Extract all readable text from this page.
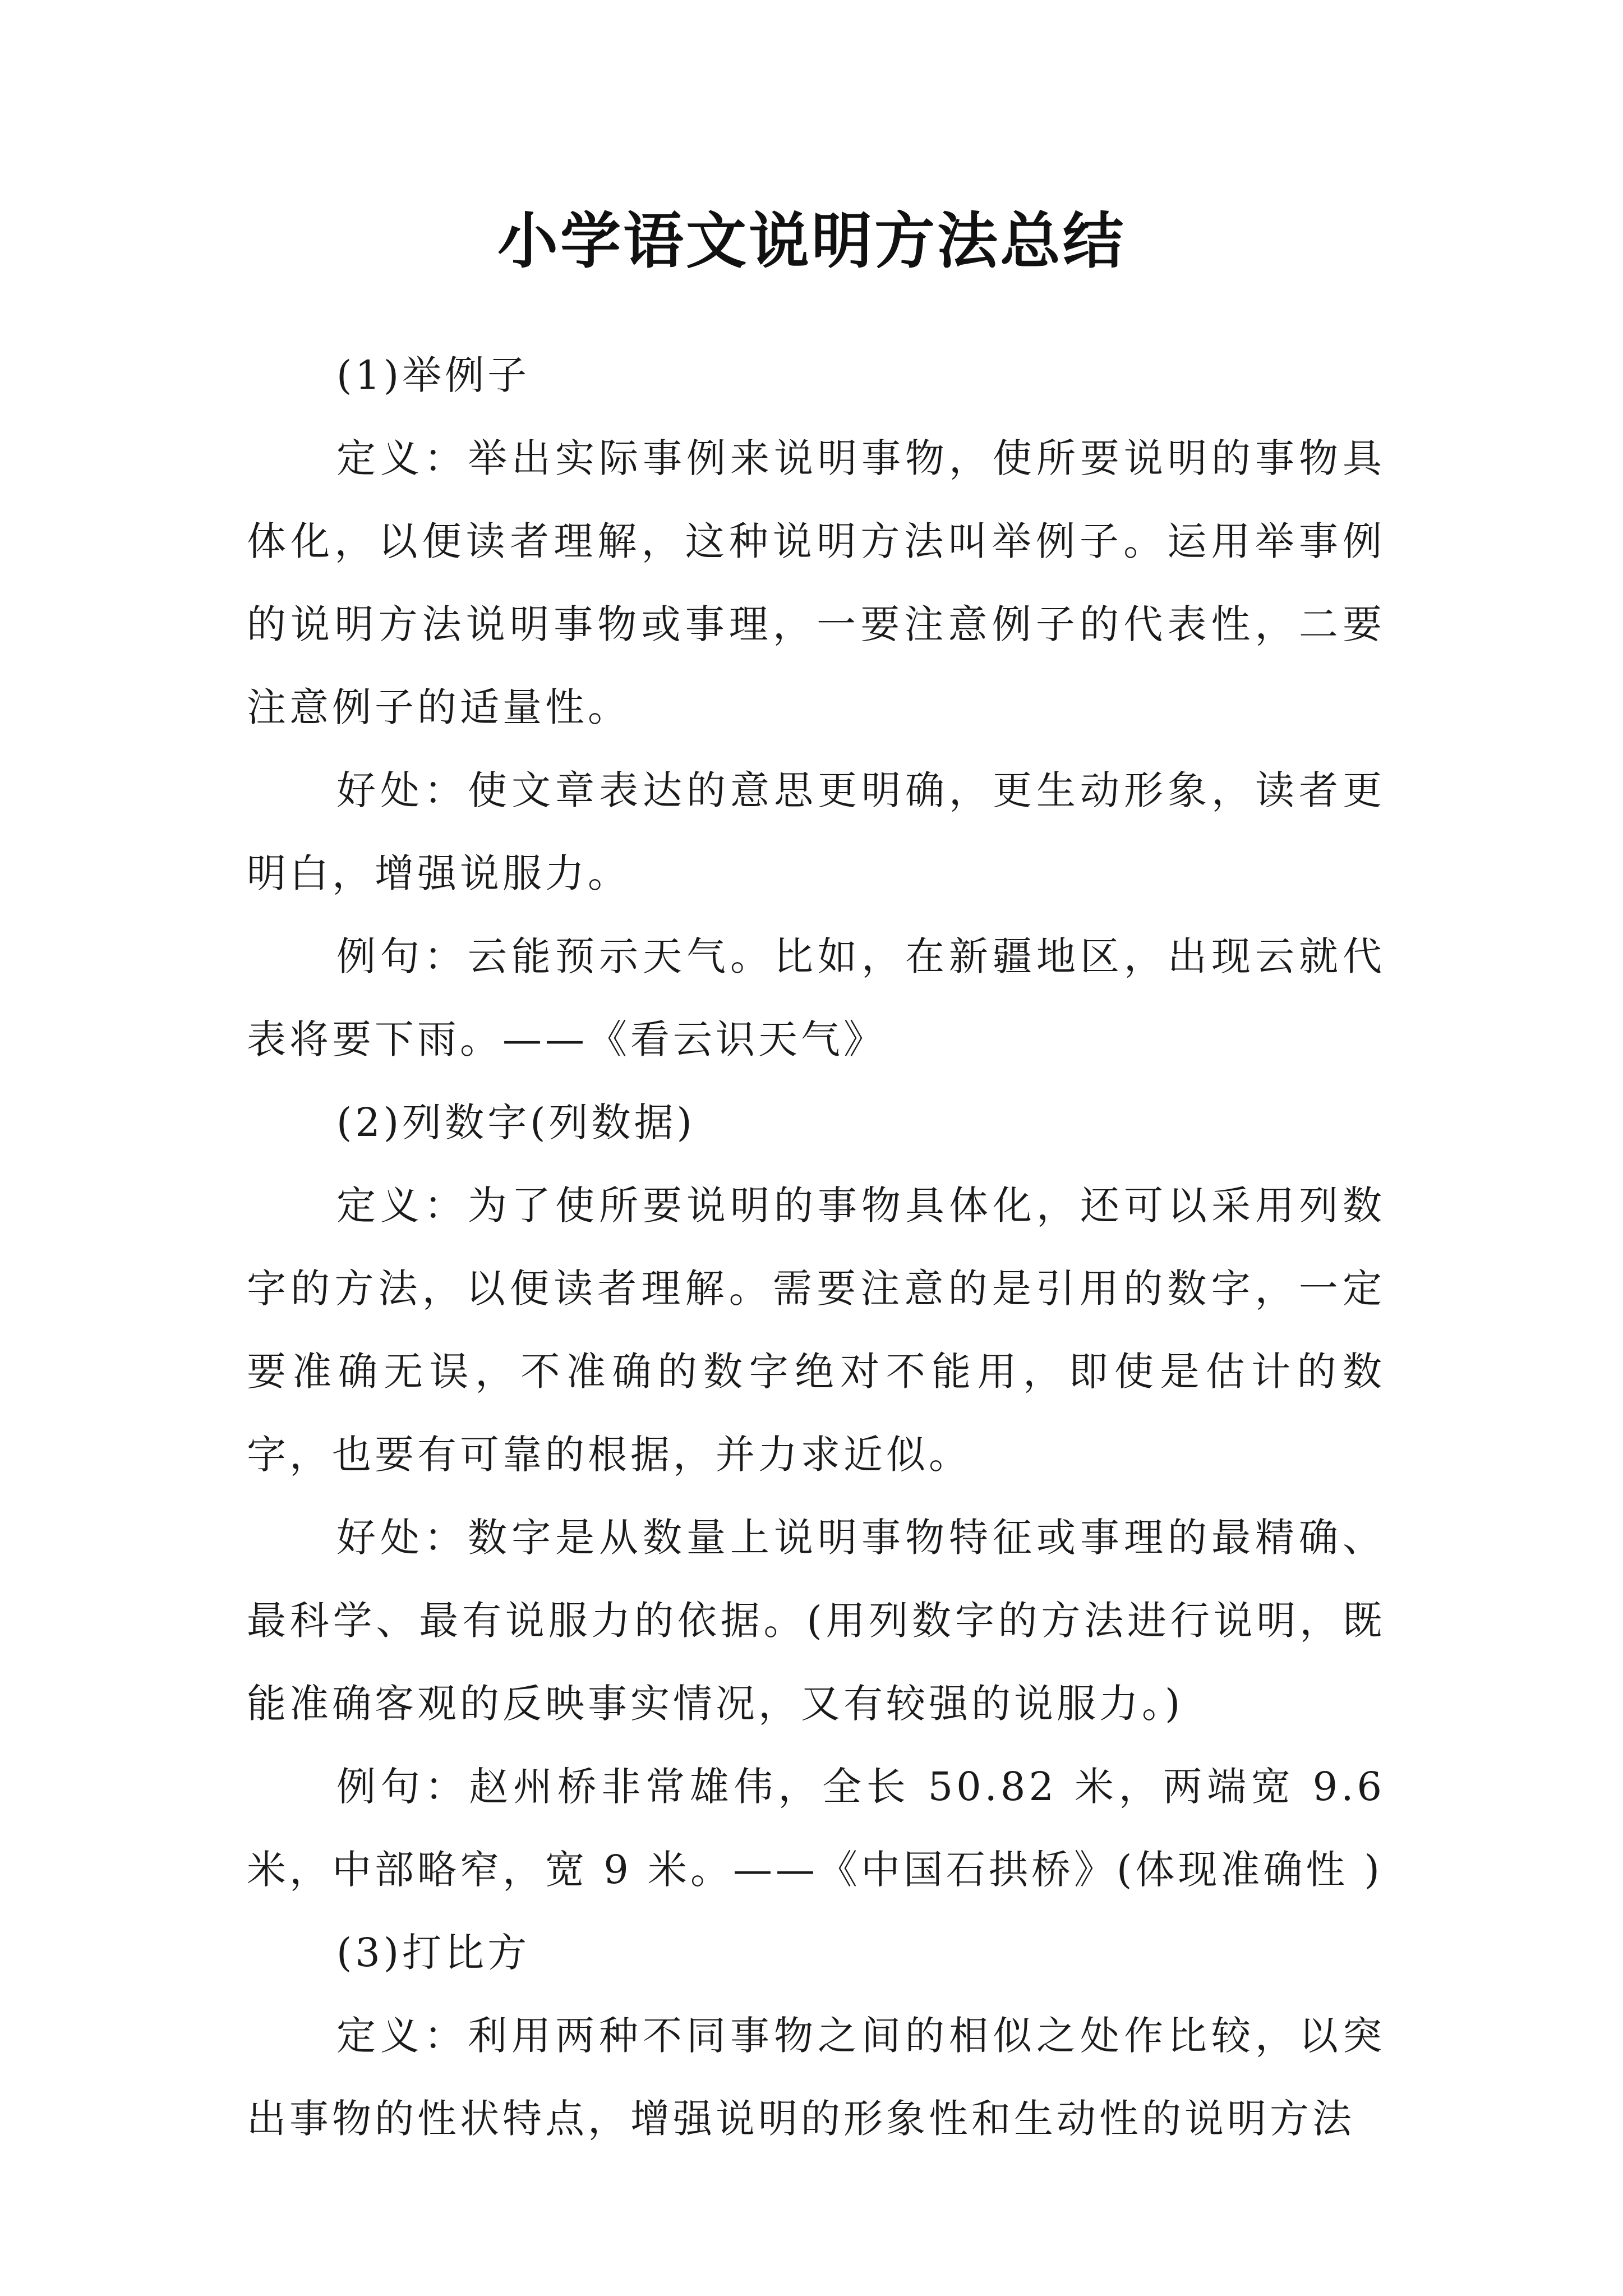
小学语文说明方法总结

(1)举例子

定义：举出实际事例来说明事物，使所要说明的事物具体化，以便读者理解，这种说明方法叫举例子。运用举事例的说明方法说明事物或事理，一要注意例子的代表性，二要注意例子的适量性。

好处：使文章表达的意思更明确，更生动形象，读者更明白，增强说服力。

例句：云能预示天气。比如，在新疆地区，出现云就代表将要下雨。——《看云识天气》

(2)列数字(列数据)

定义：为了使所要说明的事物具体化，还可以采用列数字的方法，以便读者理解。需要注意的是引用的数字，一定要准确无误，不准确的数字绝对不能用，即使是估计的数字，也要有可靠的根据，并力求近似。

好处：数字是从数量上说明事物特征或事理的最精确、最科学、最有说服力的依据。(用列数字的方法进行说明，既能准确客观的反映事实情况，又有较强的说服力。)

例句：赵州桥非常雄伟，全长 50.82 米，两端宽 9.6 米，中部略窄，宽 9 米。——《中国石拱桥》(体现准确性 )

(3)打比方

定义：利用两种不同事物之间的相似之处作比较，以突出事物的性状特点，增强说明的形象性和生动性的说明方法
